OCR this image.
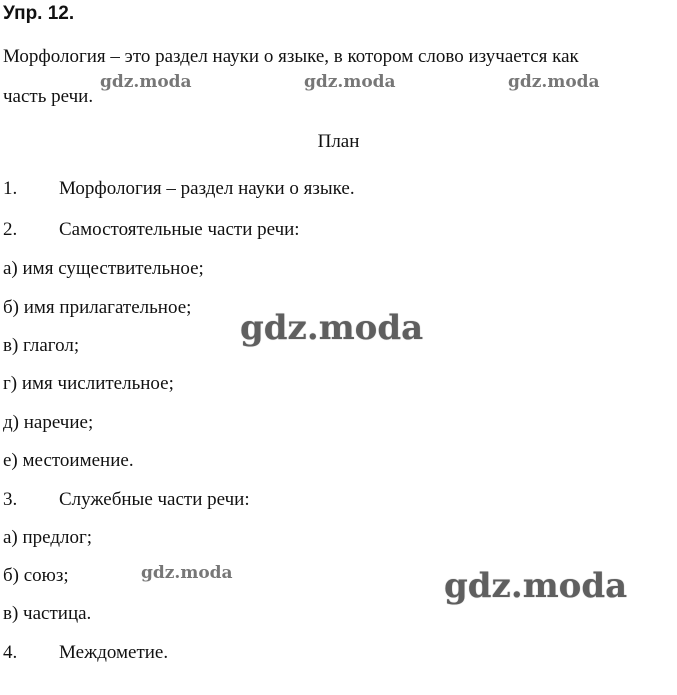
Упр. 12.
Морфология – это раздел науки о языке, в котором слово изучается как
часть речи.
План
1. Морфология – раздел науки о языке.
2. Самостоятельные части речи:
а) имя существительное;
б) имя прилагательное;
в) глагол;
г) имя числительное;
д) наречие;
е) местоимение.
3. Служебные части речи:
а) предлог;
б) союз;
в) частица.
4. Междометие.
gdz.moda	gdz.moda	gdz.moda
gdz.moda
gdz.moda	gdz.moda
